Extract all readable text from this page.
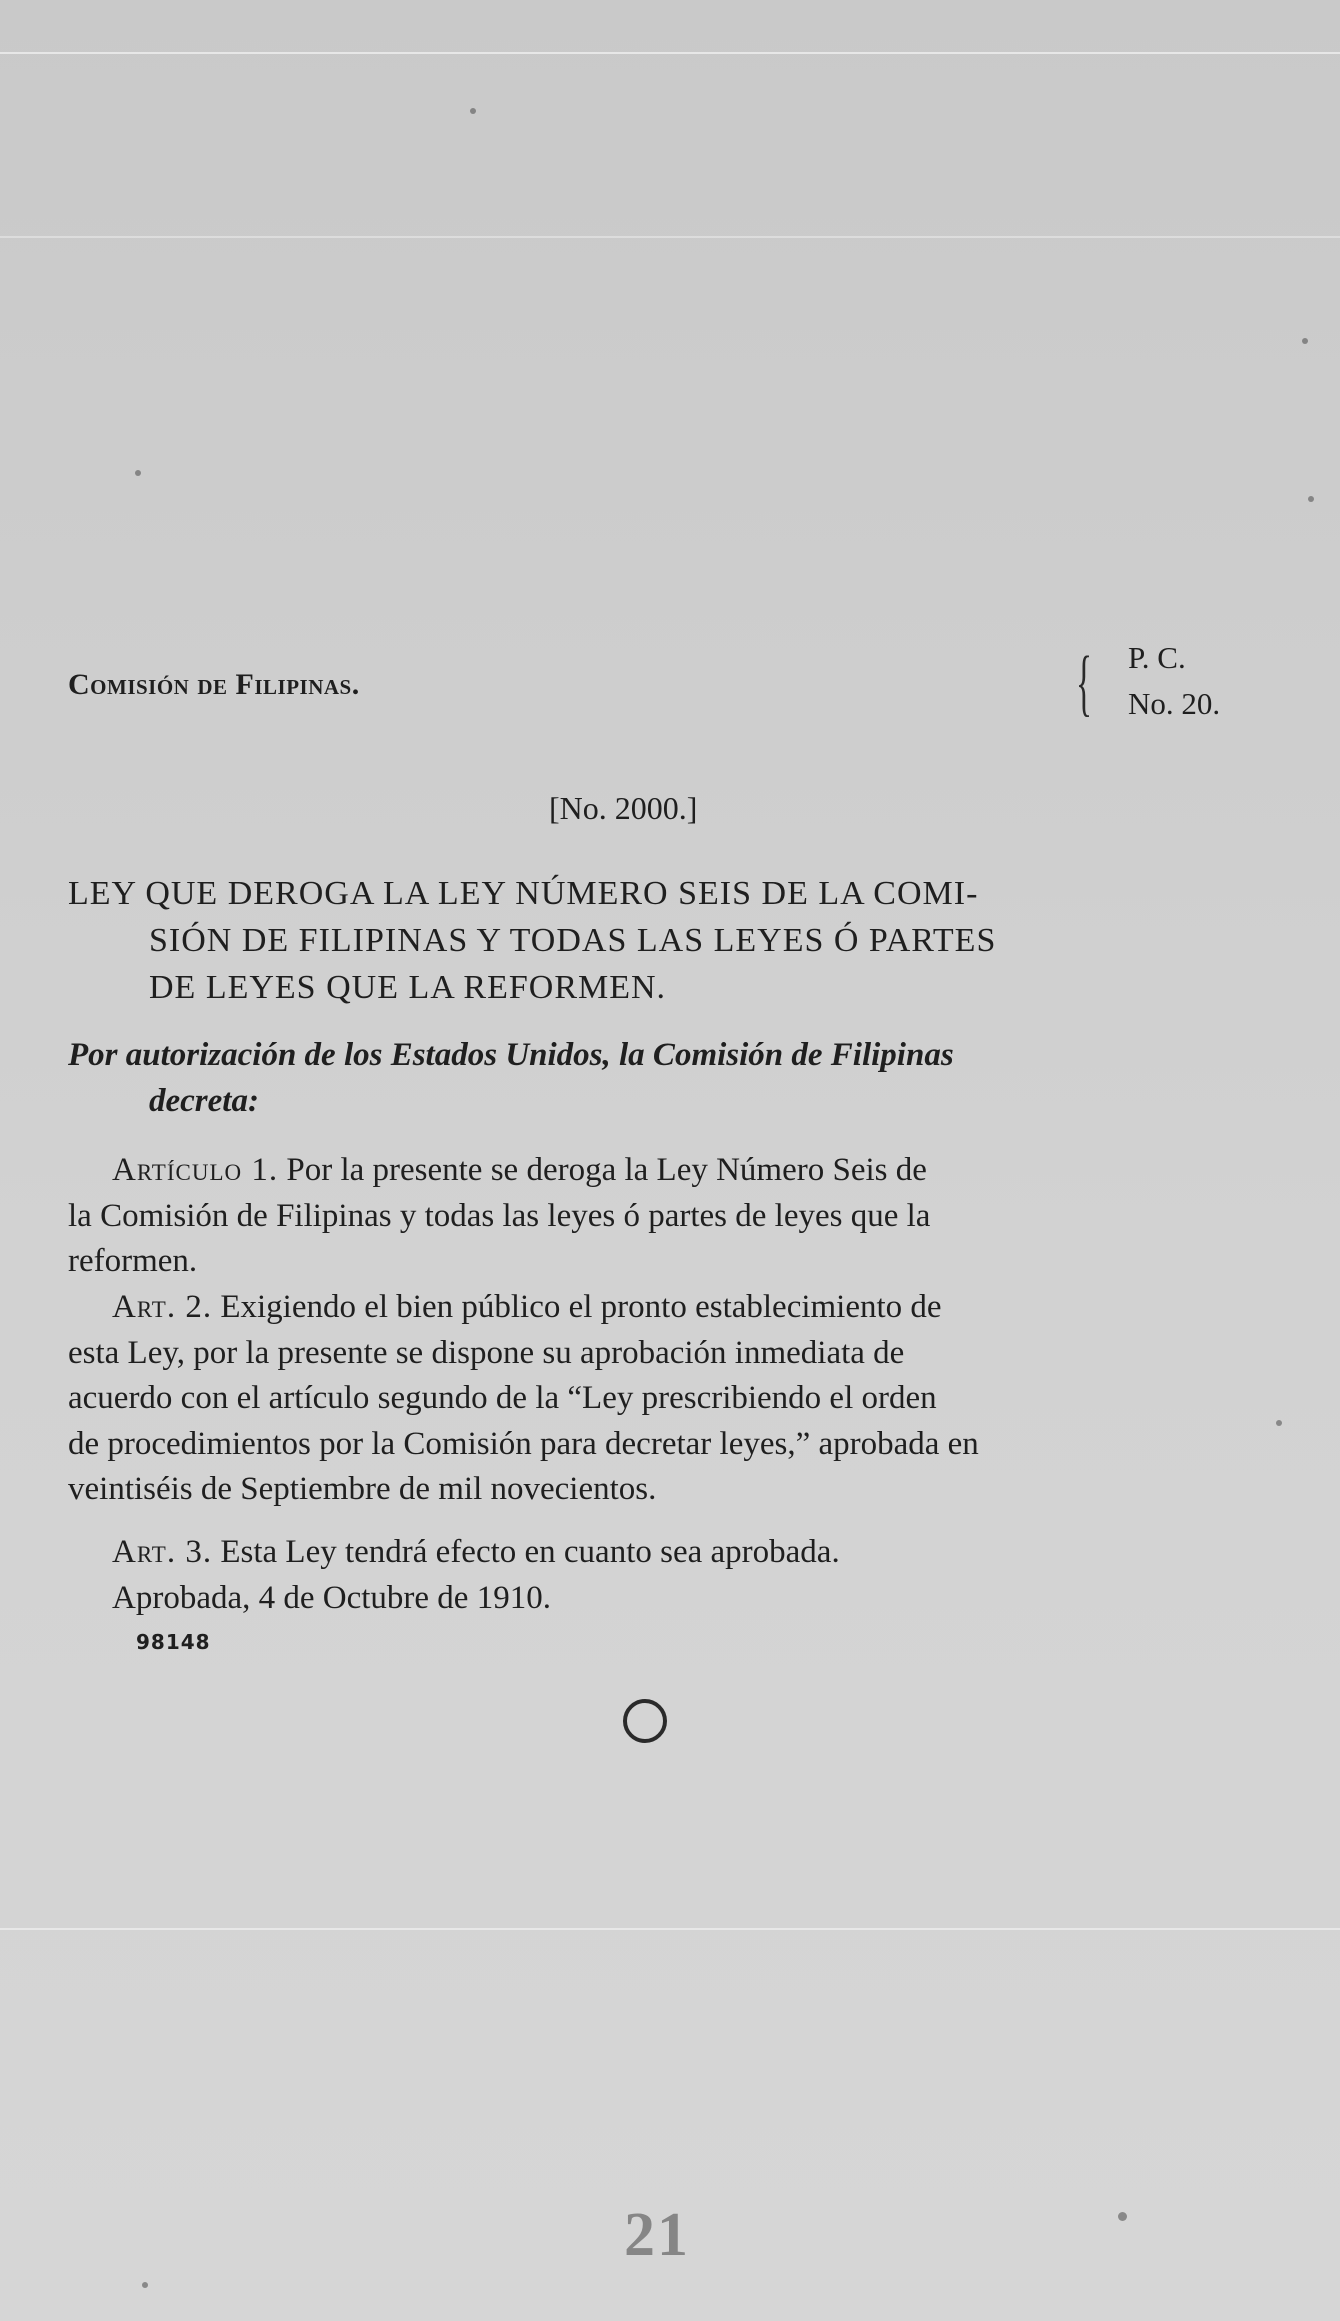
Comisión de Filipinas.	{ P. C.
No. 20.
[No. 2000.]
LEY QUE DEROGA LA LEY NÚMERO SEIS DE LA COMI-
SIÓN DE FILIPINAS Y TODAS LAS LEYES Ó PARTES
DE LEYES QUE LA REFORMEN.
Por autorización de los Estados Unidos, la Comisión de Filipinas
decreta:
Artículo 1. Por la presente se deroga la Ley Número Seis de
la Comisión de Filipinas y todas las leyes ó partes de leyes que la
reformen.
Art. 2. Exigiendo el bien público el pronto establecimiento de
esta Ley, por la presente se dispone su aprobación inmediata de
acuerdo con el artículo segundo de la “Ley prescribiendo el orden
de procedimientos por la Comisión para decretar leyes,” aprobada en
veintiséis de Septiembre de mil novecientos.
Art. 3. Esta Ley tendrá efecto en cuanto sea aprobada.
Aprobada, 4 de Octubre de 1910.
98148
21
